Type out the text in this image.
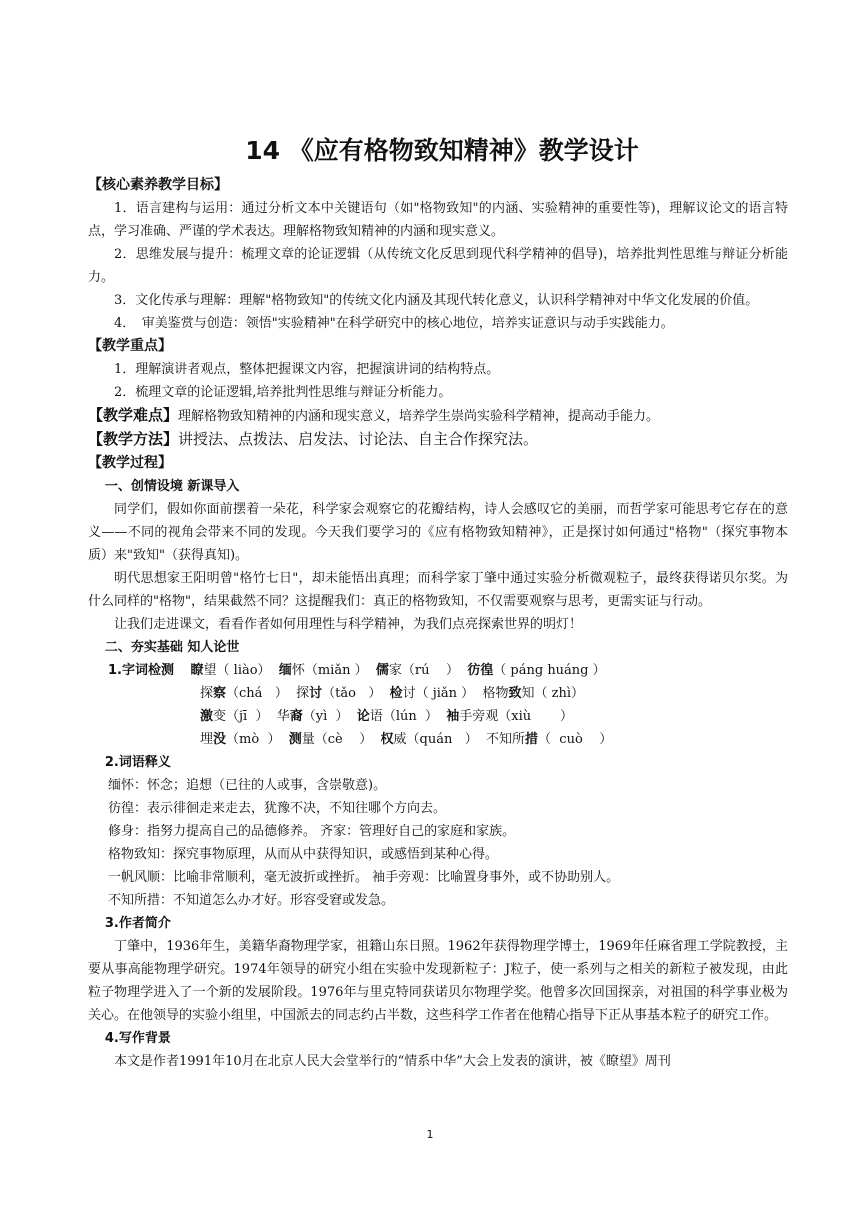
14 《应有格物致知精神》教学设计
【核心素养教学目标】
1．语言建构与运用：通过分析文本中关键语句（如"格物致知"的内涵、实验精神的重要性等)，理解议论文的语言特点，学习准确、严谨的学术表达。理解格物致知精神的内涵和现实意义。
2．思维发展与提升：梳理文章的论证逻辑（从传统文化反思到现代科学精神的倡导)，培养批判性思维与辩证分析能力。
3．文化传承与理解：理解"格物致知"的传统文化内涵及其现代转化意义，认识科学精神对中华文化发展的价值。
4．　审美鉴赏与创造：领悟"实验精神"在科学研究中的核心地位，培养实证意识与动手实践能力。
【教学重点】
1．理解演讲者观点，整体把握课文内容，把握演讲词的结构特点。
2．梳理文章的论证逻辑,培养批判性思维与辩证分析能力。
【教学难点】理解格物致知精神的内涵和现实意义，培养学生崇尚实验科学精神，提高动手能力。
【教学方法】讲授法、点拨法、启发法、讨论法、自主合作探究法。
【教学过程】
一、创情设境 新课导入
同学们，假如你面前摆着一朵花，科学家会观察它的花瓣结构，诗人会感叹它的美丽，而哲学家可能思考它存在的意义——不同的视角会带来不同的发现。今天我们要学习的《应有格物致知精神》，正是探讨如何通过"格物"（探究事物本质）来"致知"（获得真知)。
明代思想家王阳明曾"格竹七日"，却未能悟出真理；而科学家丁肇中通过实验分析微观粒子，最终获得诺贝尔奖。为什么同样的"格物"，结果截然不同？这提醒我们：真正的格物致知，不仅需要观察与思考，更需实证与行动。
让我们走进课文，看看作者如何用理性与科学精神，为我们点亮探索世界的明灯！
二、夯实基础 知人论世
1.字词检测 瞭望（ liào）  缅怀（miǎn ）  儒家（rú    ）  彷徨（ páng huáng ）
探察（chá   ）  探讨（tǎo   ）  检讨（ jiǎn ）  格物致知（ zhì）
激变（jī  ）  华裔（yì  ）  论语（lún  ）  袖手旁观（xiù       ）
埋没（mò  ）  测量（cè    ）  权威（quán   ）  不知所措（  cuò    ）
2.词语释义
缅怀：怀念；追想（已往的人或事，含崇敬意)。
彷徨：表示徘徊走来走去，犹豫不决，不知往哪个方向去。
修身：指努力提高自己的品德修养。 齐家：管理好自己的家庭和家族。
格物致知：探究事物原理，从而从中获得知识，或感悟到某种心得。
一帆风顺：比喻非常顺利，毫无波折或挫折。 袖手旁观：比喻置身事外，或不协助别人。
不知所措：不知道怎么办才好。形容受窘或发急。
3.作者简介
丁肇中，1936年生，美籍华裔物理学家，祖籍山东日照。1962年获得物理学博士，1969年任麻省理工学院教授，主要从事高能物理学研究。1974年领导的研究小组在实验中发现新粒子：J粒子，使一系列与之相关的新粒子被发现，由此粒子物理学进入了一个新的发展阶段。1976年与里克特同获诺贝尔物理学奖。他曾多次回国探亲，对祖国的科学事业极为关心。在他领导的实验小组里，中国派去的同志约占半数，这些科学工作者在他精心指导下正从事基本粒子的研究工作。
4.写作背景
本文是作者1991年10月在北京人民大会堂举行的“情系中华”大会上发表的演讲，被《瞭望》周刊
1
